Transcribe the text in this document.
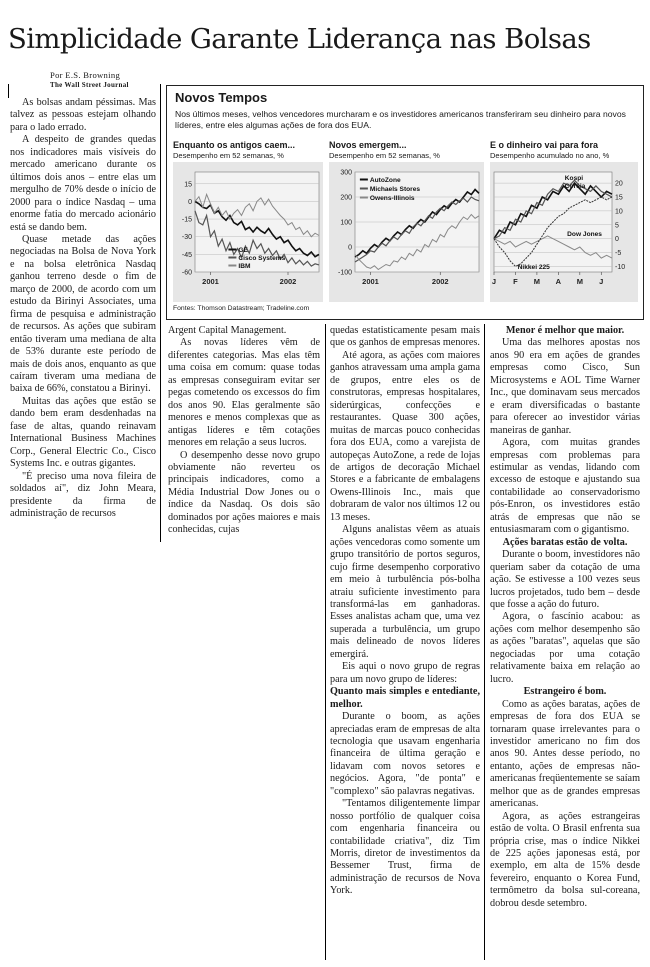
Simplicidade Garante Liderança nas Bolsas
Por E.S. Browning
The Wall Street Journal
Novos Tempos
Nos últimos meses, velhos vencedores murcharam e os investidores americanos transferiram seu dinheiro para novos líderes, entre eles algumas ações de fora dos EUA.
Enquanto os antigos caem...
Desempenho em 52 semanas, %
15
0
-15
-30
-45
-60
2001	2002
GE
Cisco Systems
IBM
Novos emergem...
Desempenho em 52 semanas, %
300
200
100
0
-100
2001	2002
AutoZone
Michaels Stores
Owens-Illinois
E o dinheiro vai para fora
Desempenho acumulado no ano, %
20
15
10
5
0
-5
-10
J F M A M J
Kospi
Coréia
Dow Jones
Nikkei 225
Fontes: Thomson Datastream; Tradeline.com

As bolsas andam péssimas. Mas talvez as pessoas estejam olhando para o lado errado.

A despeito de grandes quedas nos indicadores mais visíveis do mercado americano durante os últimos dois anos – entre elas um mergulho de 70% desde o início de 2000 para o índice Nasdaq – uma enorme fatia do mercado acionário está se dando bem.

Quase metade das ações negociadas na Bolsa de Nova York e na bolsa eletrônica Nasdaq ganhou terreno desde o fim de março de 2000, de acordo com um estudo da Birinyi Associates, uma firma de pesquisa e administração de recursos. As ações que subiram então tiveram uma mediana de alta de 53% durante este período de mais de dois anos, enquanto as que caíram tiveram uma mediana de baixa de 66%, constatou a Birinyi.

Muitas das ações que estão se dando bem eram desdenhadas na fase de altas, quando reinavam International Business Machines Corp., General Electric Co., Cisco Systems Inc. e outras gigantes.

"É preciso uma nova fileira de soldados aí", diz John Meara, presidente da firma de administração de recursos

Argent Capital Management.

As novas líderes vêm de diferentes categorias. Mas elas têm uma coisa em comum: quase todas as empresas conseguiram evitar ser pegas cometendo os excessos do fim dos anos 90. Elas geralmente são menores e menos complexas que as antigas líderes e têm cotações menores em relação a seus lucros.

O desempenho desse novo grupo obviamente não reverteu os principais indicadores, como a Média Industrial Dow Jones ou o índice da Nasdaq. Os dois são dominados por ações maiores e mais conhecidas, cujas

quedas estatisticamente pesam mais que os ganhos de empresas menores.

Até agora, as ações com maiores ganhos atravessam uma ampla gama de grupos, entre eles os de construtoras, empresas hospitalares, siderúrgicas, confecções e restaurantes. Quase 300 ações, muitas de marcas pouco conhecidas fora dos EUA, como a varejista de autopeças AutoZone, a rede de lojas de artigos de decoração Michael Stores e a fabricante de embalagens Owens-Illinois Inc., mais que dobraram de valor nos últimos 12 ou 13 meses.

Alguns analistas vêem as atuais ações vencedoras como somente um grupo transitório de portos seguros, cujo firme desempenho corporativo em meio à turbulência pós-bolha atraiu suficiente investimento para transformá-las em ganhadoras. Esses analistas acham que, uma vez superada a turbulência, um grupo mais delineado de novos líderes emergirá.

Eis aqui o novo grupo de regras para um novo grupo de líderes:

Quanto mais simples e entediante, melhor.

Durante o boom, as ações apreciadas eram de empresas de alta tecnologia que usavam engenharia financeira de última geração e lidavam com novos setores e negócios. Agora, "de ponta" e "complexo" são palavras negativas.

"Tentamos diligentemente limpar nosso portfólio de qualquer coisa com engenharia financeira ou contabilidade criativa", diz Tim Morris, diretor de investimentos da Bessemer Trust, firma de administração de recursos de Nova York.

Menor é melhor que maior.

Uma das melhores apostas nos anos 90 era em ações de grandes empresas como Cisco, Sun Microsystems e AOL Time Warner Inc., que dominavam seus mercados e eram diversificadas o bastante para oferecer ao investidor várias maneiras de ganhar.

Agora, com muitas grandes empresas com problemas para estimular as vendas, lidando com excesso de estoque e ajustando sua contabilidade ao conservadorismo pós-Enron, os investidores estão atrás de empresas que não se entusiasmaram com o gigantismo.

Ações baratas estão de volta.

Durante o boom, investidores não queriam saber da cotação de uma ação. Se estivesse a 100 vezes seus lucros projetados, tudo bem – desde que fosse a ação do futuro.

Agora, o fascínio acabou: as ações com melhor desempenho são as ações "baratas", aquelas que são negociadas por uma cotação relativamente baixa em relação ao lucro.

Estrangeiro é bom.

Como as ações baratas, ações de empresas de fora dos EUA se tornaram quase irrelevantes para o investidor americano no fim dos anos 90. Antes desse período, no entanto, ações de empresas não-americanas freqüentemente se saíam melhor que as de grandes empresas americanas.

Agora, as ações estrangeiras estão de volta. O Brasil enfrenta sua própria crise, mas o índice Nikkei de 225 ações japonesas está, por exemplo, em alta de 15% desde fevereiro, enquanto o Korea Fund, termômetro da bolsa sul-coreana, dobrou desde setembro.
